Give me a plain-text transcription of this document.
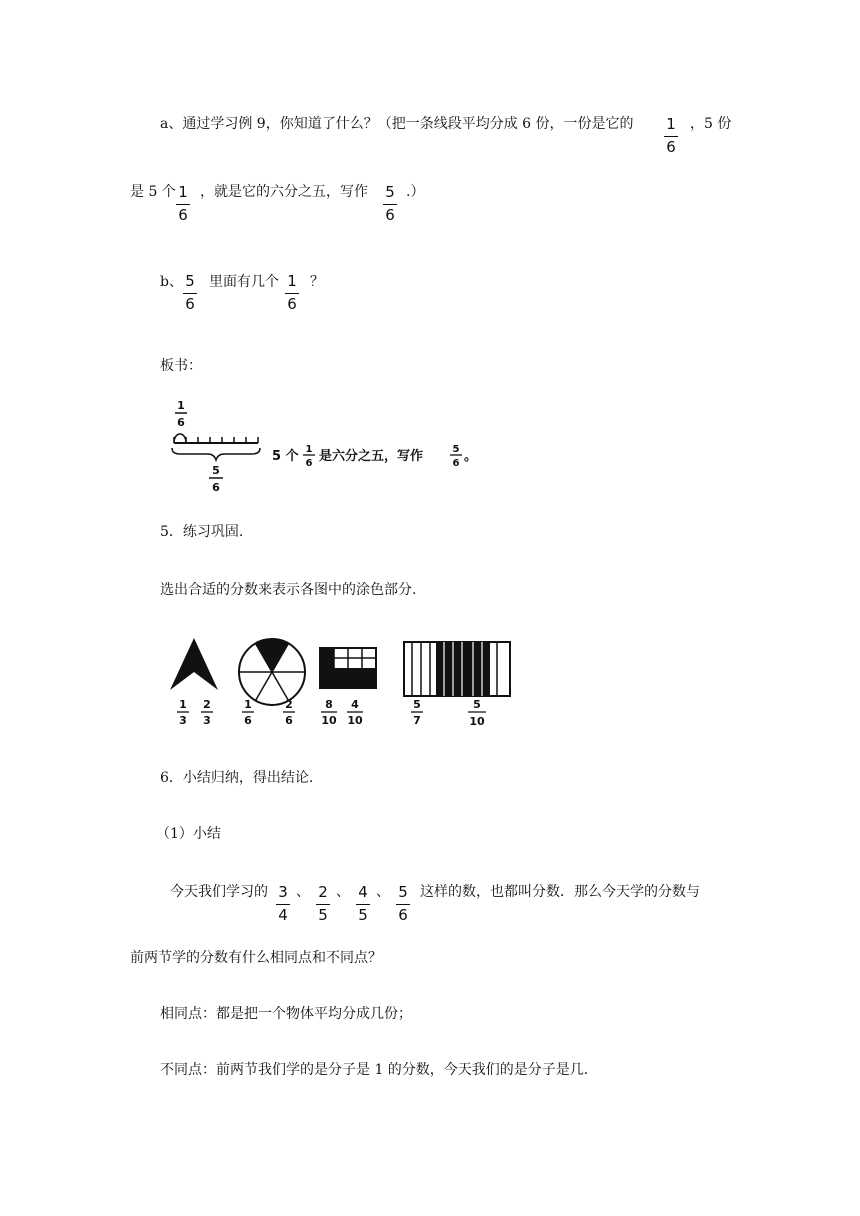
a、通过学习例 9，你知道了什么？（把一条线段平均分成 6 份，一份是它的 $\frac{1}{6}$ ，5 份
是 5 个 $\frac{1}{6}$ ，就是它的六分之五，写作 $\frac{5}{6}$ .）
b、 $\frac{5}{6}$ 里面有几个 $\frac{1}{6}$ ？
板书：
1
6
5
6
5 个 1
6 是六分之五，写作	5
6 。
5．练习巩固.
选出合适的分数来表示各图中的涂色部分.
1
3
2
3
1
6
2
6
8
10
4
10
5
7
5
10
6．小结归纳，得出结论.
（1）小结
今天我们学习的 $\frac{3}{4}$ 、 $\frac{2}{5}$ 、 $\frac{4}{5}$ 、 $\frac{5}{6}$ 这样的数，也都叫分数．那么今天学的分数与
前两节学的分数有什么相同点和不同点？
相同点：都是把一个物体平均分成几份；
不同点：前两节我们学的是分子是 1 的分数，今天我们的是分子是几.
